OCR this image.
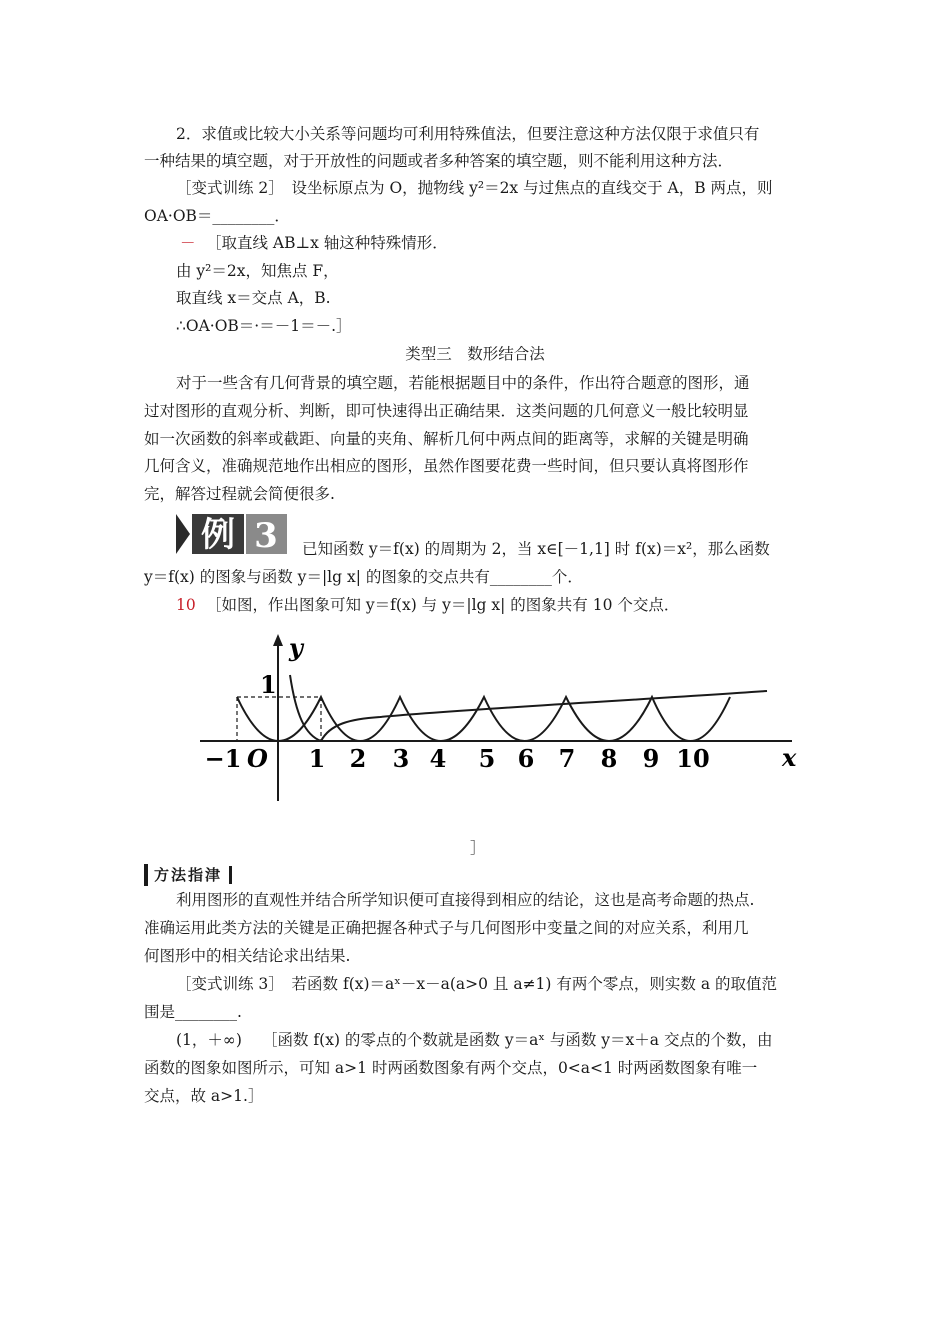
2．求值或比较大小关系等问题均可利用特殊值法，但要注意这种方法仅限于求值只有
一种结果的填空题，对于开放性的问题或者多种答案的填空题，则不能利用这种方法．
［变式训练 2］　设坐标原点为 O，抛物线 y²＝2x 与过焦点的直线交于 A，B 两点，则
OA·OB＝________．
－ ［取直线 AB⊥x 轴这种特殊情形．
由 y²＝2x，知焦点 F，
取直线 x＝交点 A，B.
∴OA·OB＝·＝－1＝－.］
类型三　数形结合法
对于一些含有几何背景的填空题，若能根据题目中的条件，作出符合题意的图形，通
过对图形的直观分析、判断，即可快速得出正确结果．这类问题的几何意义一般比较明显
如一次函数的斜率或截距、向量的夹角、解析几何中两点间的距离等，求解的关键是明确
几何含义，准确规范地作出相应的图形，虽然作图要花费一些时间，但只要认真将图形作
完，解答过程就会简便很多.
例 3 已知函数 y＝f(x) 的周期为 2，当 x∈[－1,1] 时 f(x)＝x²，那么函数
y＝f(x) 的图象与函数 y＝|lg x| 的图象的交点共有________个．
10 ［如图，作出图象可知 y＝f(x) 与 y＝|lg x| 的图象共有 10 个交点．
y
x
1
O
−1	1 2 3 4 5 6 7 8 9 10
］
方法指津
利用图形的直观性并结合所学知识便可直接得到相应的结论，这也是高考命题的热点.
准确运用此类方法的关键是正确把握各种式子与几何图形中变量之间的对应关系，利用几
何图形中的相关结论求出结果.
［变式训练 3］　若函数 f(x)＝aˣ－x－a(a>0 且 a≠1) 有两个零点，则实数 a 的取值范
围是________.
(1，＋∞) ［函数 f(x) 的零点的个数就是函数 y＝aˣ 与函数 y＝x＋a 交点的个数，由
函数的图象如图所示，可知 a>1 时两函数图象有两个交点，0<a<1 时两函数图象有唯一
交点，故 a>1.］
